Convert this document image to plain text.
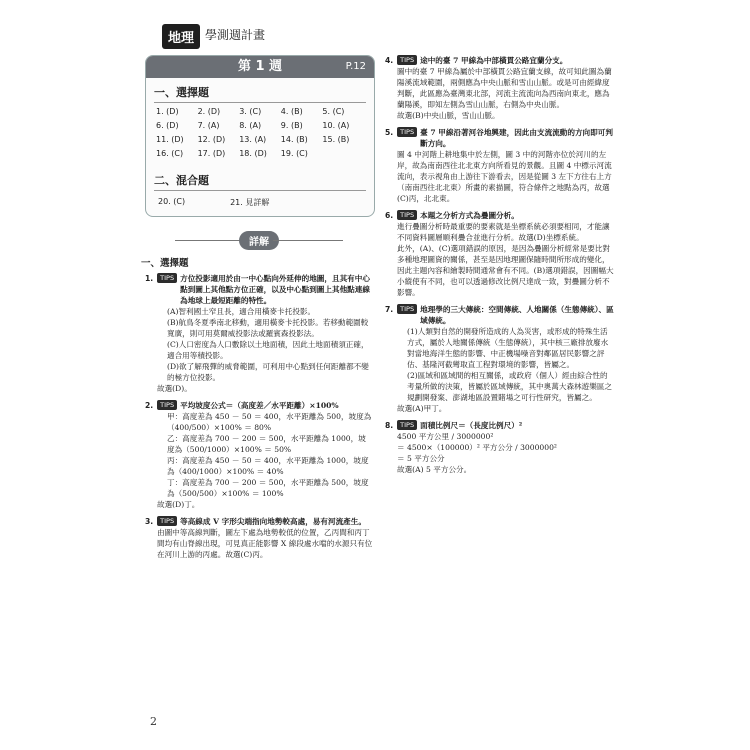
地理 學測週計畫
第 1 週	P.12
一、選擇題
1. (D)	2. (D)	3. (C)	4. (B)	5. (C)
6. (D)	7. (A)	8. (A)	9. (B)	10. (A)
11. (D)	12. (D)	13. (A)	14. (B)	15. (B)
16. (C)	17. (D)	18. (D)	19. (C)
二、混合題
20. (C)	21. 見詳解
詳解
一、選擇題
1.	TIPS 方位投影適用於由一中心點向外延伸的地圖，且其有中心點到圖上其他點方位正確，以及中心點到圖上其他點連線為地球上最短距離的特性。
(A)智利國土窄且長，適合用橫麥卡托投影。
(B)航鳥冬夏季南北移動，適用橫麥卡托投影。若移動範圍較寬廣，則可用莫爾威投影法或羅賓森投影法。
(C)人口密度為人口數除以土地面積，因此土地面積須正確，適合用等積投影。
(D)欲了解飛彈的威脅範圍，可利用中心點到任何距離都不變的極方位投影。
故選(D)。
2.	TIPS 平均坡度公式＝（高度差／水平距離）×100%
甲：高度差為 450 － 50 ＝ 400，水平距離為 500，坡度為（400/500）×100% ＝ 80%
乙：高度差為 700 － 200 ＝ 500，水平距離為 1000，坡度為（500/1000）×100% ＝ 50%
丙：高度差為 450 － 50 ＝ 400，水平距離為 1000，坡度為（400/1000）×100% ＝ 40%
丁：高度差為 700 － 200 ＝ 500，水平距離為 500，坡度為（500/500）×100% ＝ 100%
故選(D)丁。
3.	TIPS 等高線成 V 字形尖端指向地勢較高處，易有河流產生。
由圖中等高線判斷，圖左下處為地勢較低的位置，乙丙間和丙丁間均有山脊線出現，可見真正能影響 X 線段處水噹的水源只有位在河川上游的丙處。故選(C)丙。
4.	TIPS 途中的臺 7 甲線為中部橫貫公路宜蘭分支。
圖中的臺 7 甲線為屬於中部橫貫公路宜蘭支線，故可知此圖為蘭陽溪流域範圍，兩側應為中央山脈和雪山山脈。或是可由經緯度判斷，此區應為臺灣東北部，河流主流流向為西南向東北，應為蘭陽溪，即知左側為雪山山脈，右側為中央山脈。
故選(B)中央山脈，雪山山脈。
5.	TIPS 臺 7 甲線沿著河谷地興建，因此由支流流動的方向即可判斷方向。
圖 4 中河階上耕地集中於左側，圖 3 中的河階亦位於河川的左岸，故為南南西往北北東方向所看見的景觀。且圖 4 中標示河流流向，表示視角由上游往下游看去，因是從圖 3 左下方往右上方（南南西往北北東）所畫的素描圖，符合條件之地點為丙，故選(C)丙，北北東。
6.	TIPS 本題之分析方式為疊圖分析。
進行疊圖分析時最重要的要素就是坐標系統必須要相同，才能讓不同資料圖層順利疊合並進行分析。故選(D)坐標系統。
此外，(A)、(C)選項錯誤的原因，是因為疊圖分析經常是要比對多種地理圖資的關係，甚至是因地理圖保隨時間所形成的變化，因此主題內容和繪製時間通常會有不同。(B)選項錯誤，因圖幅大小縱使有不同，也可以透過修改比例尺達成一致，對疊圖分析不影響。
7.	TIPS 地理學的三大傳統：空間傳統、人地關係（生態傳統）、區域傳統。
(1)人類對自然的開發所造成的人為災害，或形成的特殊生活方式，屬於人地關係傳統（生態傳統），其中核三廠排放廢水對當地海洋生態的影響、中正機場噪音對鄰區居民影響之評估、基隆河截彎取直工程對環境的影響，皆屬之。
(2)區域和區域間的相互關係，或政府（個人）經由綜合性的考量所做的決策，皆屬於區域傳統，其中奧萬大森林遊樂區之規劃開發案、澎湖地區設置賭場之可行性研究，皆屬之。
故選(A)甲丁。
8.	TIPS 面積比例尺＝（長度比例尺）²
4500 平方公里 / 3000000²
＝ 4500×（100000）² 平方公分 / 3000000²
＝ 5 平方公分
故選(A) 5 平方公分。
2
